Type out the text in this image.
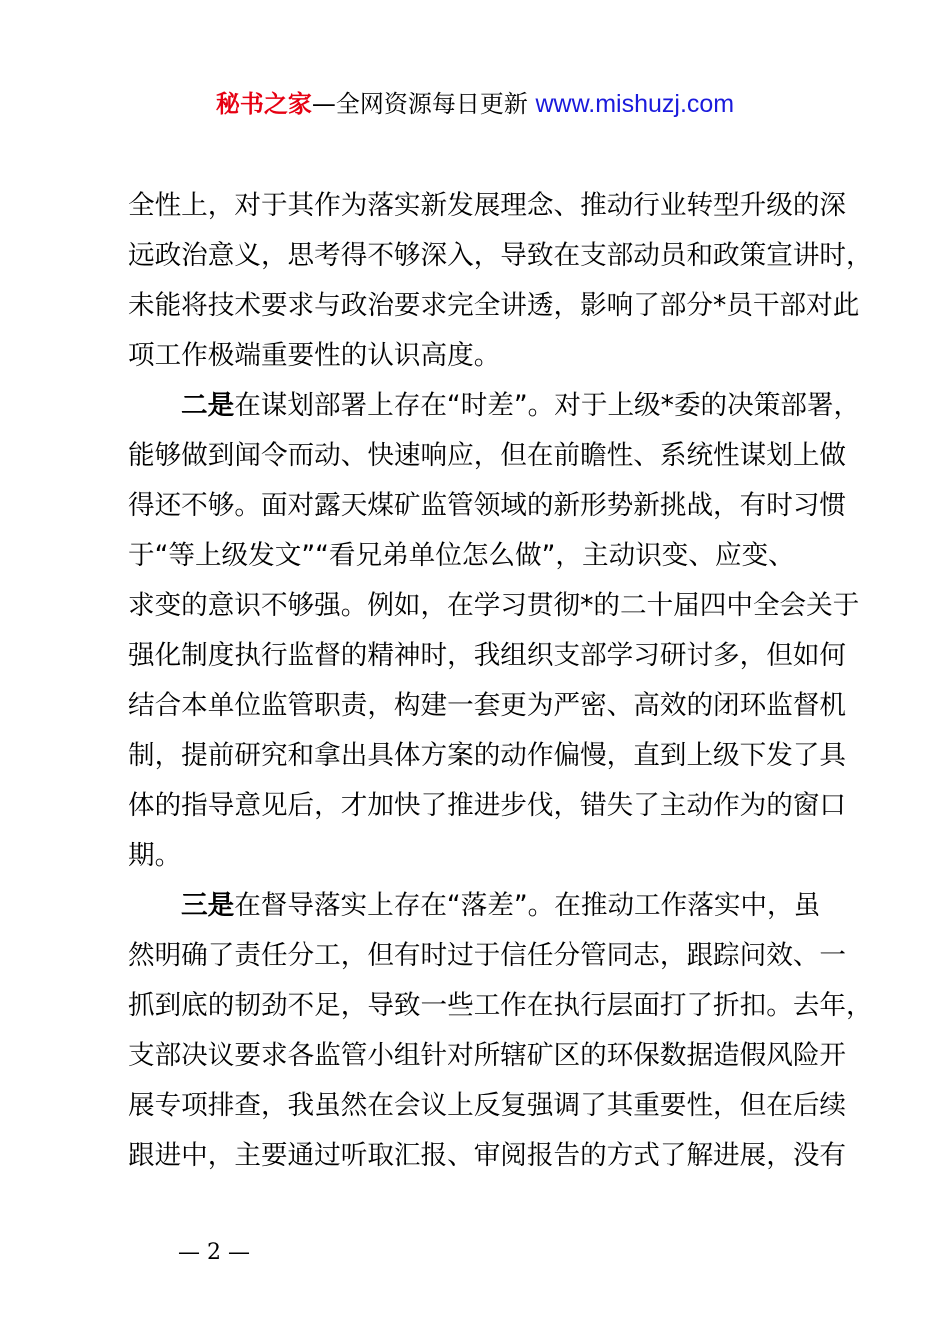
秘书之家—全网资源每日更新 www.mishuzj.com

全性上，对于其作为落实新发展理念、推动行业转型升级的深
远政治意义，思考得不够深入，导致在支部动员和政策宣讲时，
未能将技术要求与政治要求完全讲透，影响了部分*员干部对此
项工作极端重要性的认识高度。

二是在谋划部署上存在“时差”。对于上级*委的决策部署，
能够做到闻令而动、快速响应，但在前瞻性、系统性谋划上做
得还不够。面对露天煤矿监管领域的新形势新挑战，有时习惯
于“等上级发文”“看兄弟单位怎么做”，主动识变、应变、
求变的意识不够强。例如，在学习贯彻*的二十届四中全会关于
强化制度执行监督的精神时，我组织支部学习研讨多，但如何
结合本单位监管职责，构建一套更为严密、高效的闭环监督机
制，提前研究和拿出具体方案的动作偏慢，直到上级下发了具
体的指导意见后，才加快了推进步伐，错失了主动作为的窗口
期。

三是在督导落实上存在“落差”。在推动工作落实中，虽
然明确了责任分工，但有时过于信任分管同志，跟踪问效、一
抓到底的韧劲不足，导致一些工作在执行层面打了折扣。去年，
支部决议要求各监管小组针对所辖矿区的环保数据造假风险开
展专项排查，我虽然在会议上反复强调了其重要性，但在后续
跟进中，主要通过听取汇报、审阅报告的方式了解进展，没有

— 2 —
